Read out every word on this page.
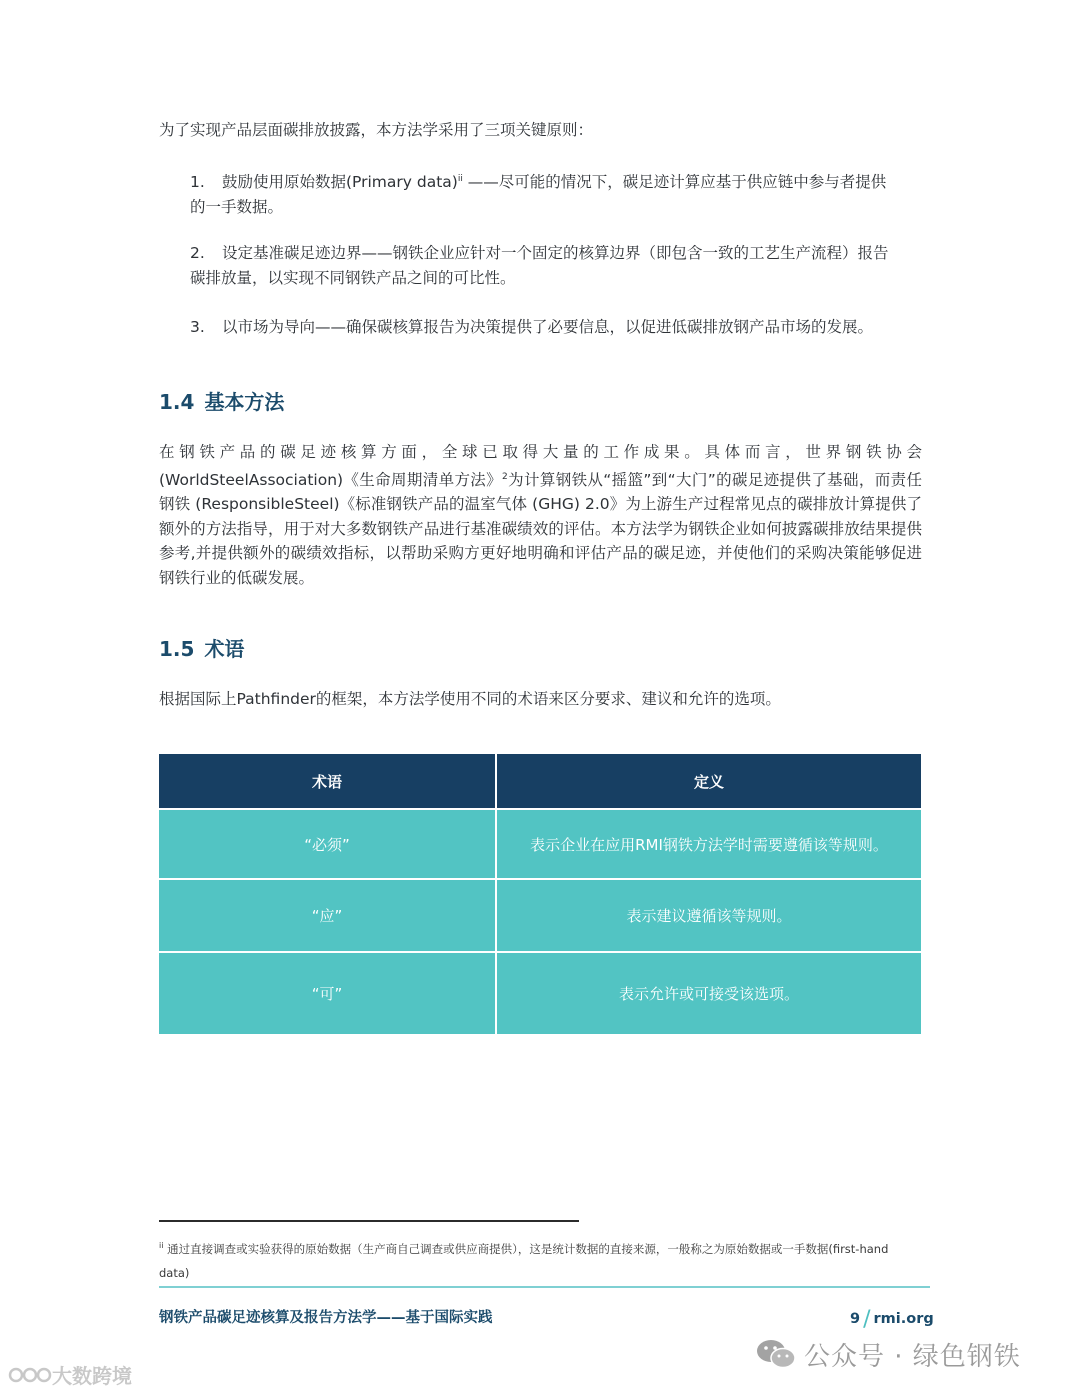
为了实现产品层面碳排放披露，本方法学采用了三项关键原则：
1. 鼓励使用原始数据(Primary data)$^{ii}$ ——尽可能的情况下，碳足迹计算应基于供应链中参与者提供的一手数据。
2. 设定基准碳足迹边界——钢铁企业应针对一个固定的核算边界（即包含一致的工艺生产流程）报告碳排放量，以实现不同钢铁产品之间的可比性。
3. 以市场为导向——确保碳核算报告为决策提供了必要信息，以促进低碳排放钢产品市场的发展。
1.4 基本方法
在钢铁产品的碳足迹核算方面，全球已取得大量的工作成果。具体而言，世界钢铁协会(WorldSteelAssociation)《生命周期清单方法》$^2$为计算钢铁从“摇篮”到“大门”的碳足迹提供了基础，而责任钢铁 (ResponsibleSteel)《标准钢铁产品的温室气体 (GHG) 2.0》为上游生产过程常见点的碳排放计算提供了额外的方法指导，用于对大多数钢铁产品进行基准碳绩效的评估。本方法学为钢铁企业如何披露碳排放结果提供参考,并提供额外的碳绩效指标，以帮助采购方更好地明确和评估产品的碳足迹，并使他们的采购决策能够促进钢铁行业的低碳发展。
1.5 术语
根据国际上Pathfinder的框架，本方法学使用不同的术语来区分要求、建议和允许的选项。
术语	定义
“必须”	表示企业在应用RMI钢铁方法学时需要遵循该等规则。
“应”	表示建议遵循该等规则。
“可”	表示允许或可接受该选项。
$^{ii}$ 通过直接调查或实验获得的原始数据（生产商自己调查或供应商提供），这是统计数据的直接来源，一般称之为原始数据或一手数据(first-hand data)
钢铁产品碳足迹核算及报告方法学——基于国际实践	9 / rmi.org
公众号 · 绿色钢铁
大数跨境
